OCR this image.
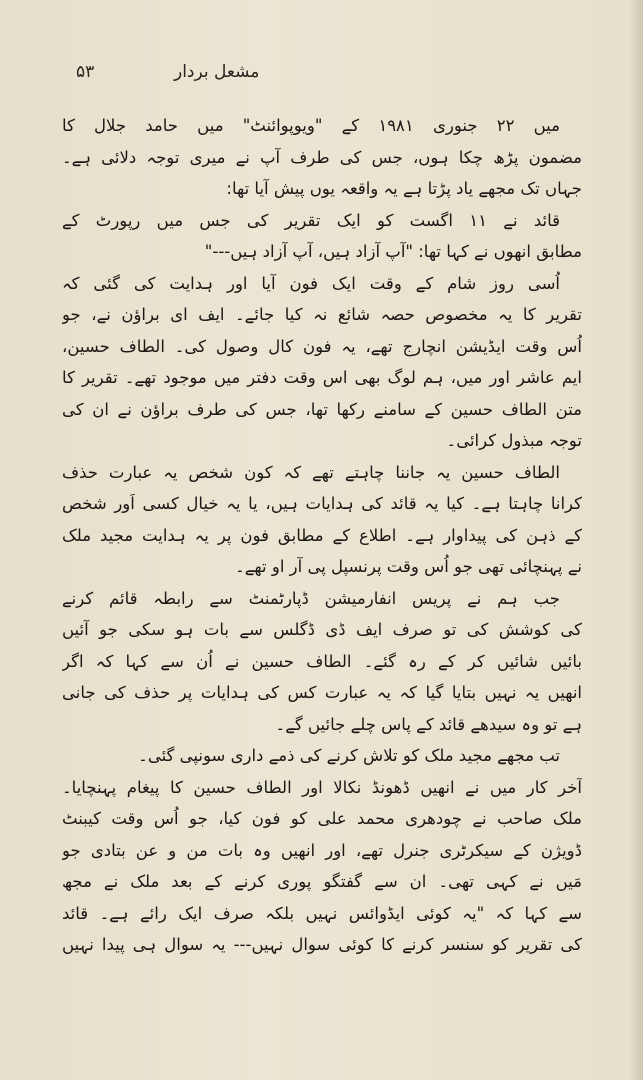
۵۳	مشعل بردار
میں ۲۲ جنوری ۱۹۸۱ کے "ویوپوائنٹ" میں حامد جلال کا
مضمون پڑھ چکا ہوں، جس کی طرف آپ نے میری توجہ دلائی ہے۔
جہاں تک مجھے یاد پڑتا ہے یہ واقعہ یوں پیش آیا تھا:
قائد نے ۱۱ اگست کو ایک تقریر کی جس میں رپورٹ کے
مطابق انھوں نے کہا تھا: "آپ آزاد ہیں، آپ آزاد ہیں---"
اُسی روز شام کے وقت ایک فون آیا اور ہدایت کی گئی کہ
تقریر کا یہ مخصوص حصہ شائع نہ کیا جائے۔ ایف ای براؤن نے، جو
اُس وقت ایڈیشن انچارج تھے، یہ فون کال وصول کی۔ الطاف حسین،
ایم عاشر اور میں، ہم لوگ بھی اس وقت دفتر میں موجود تھے۔ تقریر کا
متن الطاف حسین کے سامنے رکھا تھا، جس کی طرف براؤن نے ان کی
توجہ مبذول کرائی۔
الطاف حسین یہ جاننا چاہتے تھے کہ کون شخص یہ عبارت حذف
کرانا چاہتا ہے۔ کیا یہ قائد کی ہدایات ہیں، یا یہ خیال کسی اَور شخص
کے ذہن کی پیداوار ہے۔ اطلاع کے مطابق فون پر یہ ہدایت مجید ملک
نے پہنچائی تھی جو اُس وقت پرنسپل پی آر او تھے۔
جب ہم نے پریس انفارمیشن ڈپارٹمنٹ سے رابطہ قائم کرنے
کی کوشش کی تو صرف ایف ڈی ڈگلس سے بات ہو سکی جو آئیں
بائیں شائیں کر کے رہ گئے۔ الطاف حسین نے اُن سے کہا کہ اگر
انھیں یہ نہیں بتایا گیا کہ یہ عبارت کس کی ہدایات پر حذف کی جانی
ہے تو وہ سیدھے قائد کے پاس چلے جائیں گے۔
تب مجھے مجید ملک کو تلاش کرنے کی ذمے داری سونپی گئی۔
آخر کار میں نے انھیں ڈھونڈ نکالا اور الطاف حسین کا پیغام پہنچایا۔
ملک صاحب نے چودھری محمد علی کو فون کیا، جو اُس وقت کیبنٹ
ڈویژن کے سیکرٹری جنرل تھے، اور انھیں وہ بات من و عن بتادی جو
مَیں نے کہی تھی۔ ان سے گفتگو پوری کرنے کے بعد ملک نے مجھ
سے کہا کہ "یہ کوئی ایڈوائس نہیں بلکہ صرف ایک رائے ہے۔ قائد
کی تقریر کو سنسر کرنے کا کوئی سوال نہیں--- یہ سوال ہی پیدا نہیں
